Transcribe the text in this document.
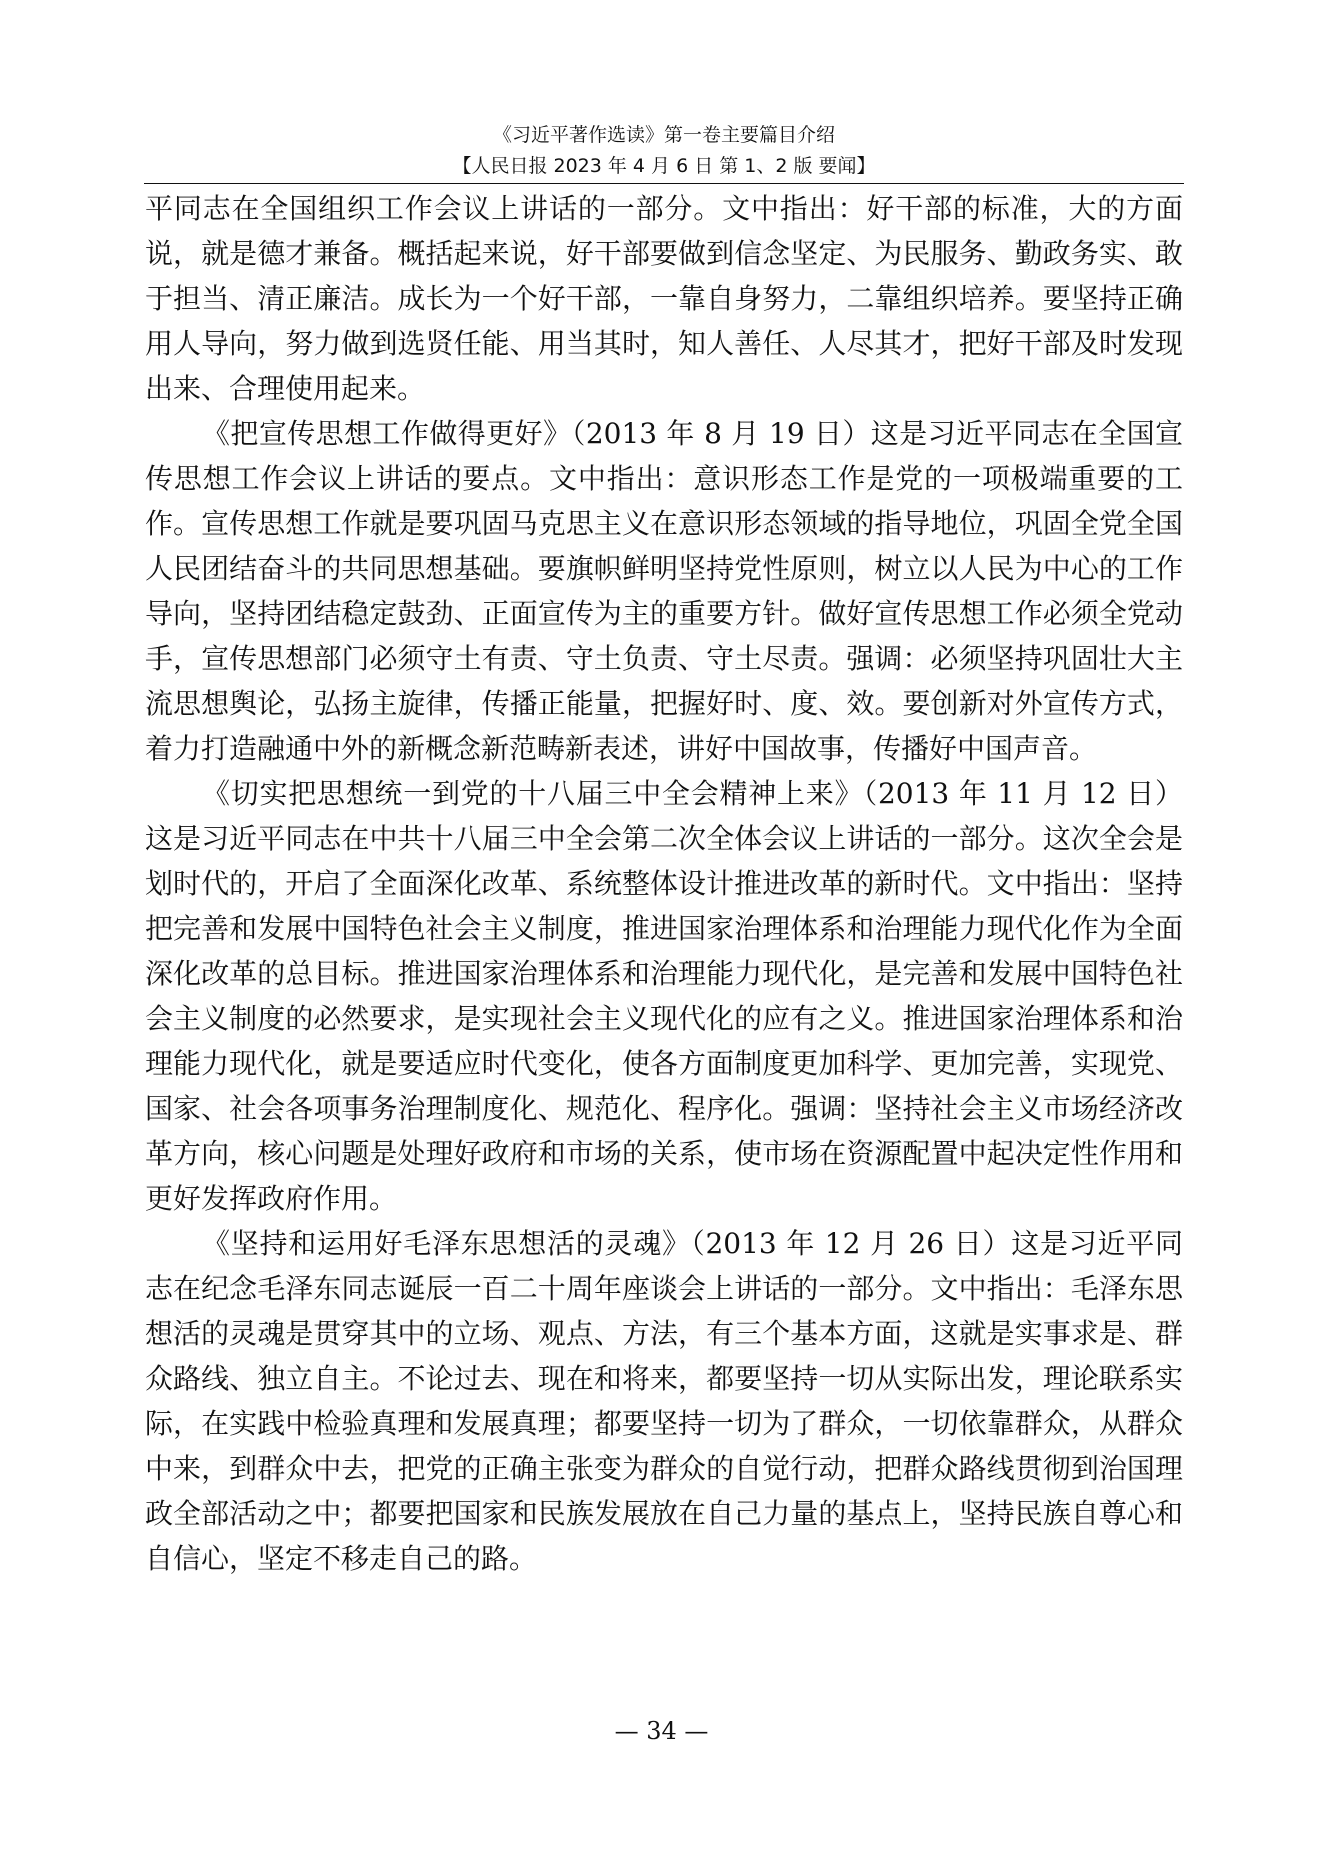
《习近平著作选读》第一卷主要篇目介绍
【人民日报 2023 年 4 月 6 日 第 1、2 版 要闻】

平同志在全国组织工作会议上讲话的一部分。文中指出：好干部的标准，大的方面说，就是德才兼备。概括起来说，好干部要做到信念坚定、为民服务、勤政务实、敢于担当、清正廉洁。成长为一个好干部，一靠自身努力，二靠组织培养。要坚持正确用人导向，努力做到选贤任能、用当其时，知人善任、人尽其才，把好干部及时发现出来、合理使用起来。

《把宣传思想工作做得更好》（2013 年 8 月 19 日）这是习近平同志在全国宣传思想工作会议上讲话的要点。文中指出：意识形态工作是党的一项极端重要的工作。宣传思想工作就是要巩固马克思主义在意识形态领域的指导地位，巩固全党全国人民团结奋斗的共同思想基础。要旗帜鲜明坚持党性原则，树立以人民为中心的工作导向，坚持团结稳定鼓劲、正面宣传为主的重要方针。做好宣传思想工作必须全党动手，宣传思想部门必须守土有责、守土负责、守土尽责。强调：必须坚持巩固壮大主流思想舆论，弘扬主旋律，传播正能量，把握好时、度、效。要创新对外宣传方式，着力打造融通中外的新概念新范畴新表述，讲好中国故事，传播好中国声音。

《切实把思想统一到党的十八届三中全会精神上来》（2013 年 11 月 12 日）这是习近平同志在中共十八届三中全会第二次全体会议上讲话的一部分。这次全会是划时代的，开启了全面深化改革、系统整体设计推进改革的新时代。文中指出：坚持把完善和发展中国特色社会主义制度，推进国家治理体系和治理能力现代化作为全面深化改革的总目标。推进国家治理体系和治理能力现代化，是完善和发展中国特色社会主义制度的必然要求，是实现社会主义现代化的应有之义。推进国家治理体系和治理能力现代化，就是要适应时代变化，使各方面制度更加科学、更加完善，实现党、国家、社会各项事务治理制度化、规范化、程序化。强调：坚持社会主义市场经济改革方向，核心问题是处理好政府和市场的关系，使市场在资源配置中起决定性作用和更好发挥政府作用。

《坚持和运用好毛泽东思想活的灵魂》（2013 年 12 月 26 日）这是习近平同志在纪念毛泽东同志诞辰一百二十周年座谈会上讲话的一部分。文中指出：毛泽东思想活的灵魂是贯穿其中的立场、观点、方法，有三个基本方面，这就是实事求是、群众路线、独立自主。不论过去、现在和将来，都要坚持一切从实际出发，理论联系实际，在实践中检验真理和发展真理；都要坚持一切为了群众，一切依靠群众，从群众中来，到群众中去，把党的正确主张变为群众的自觉行动，把群众路线贯彻到治国理政全部活动之中；都要把国家和民族发展放在自己力量的基点上，坚持民族自尊心和自信心，坚定不移走自己的路。

— 34 —
